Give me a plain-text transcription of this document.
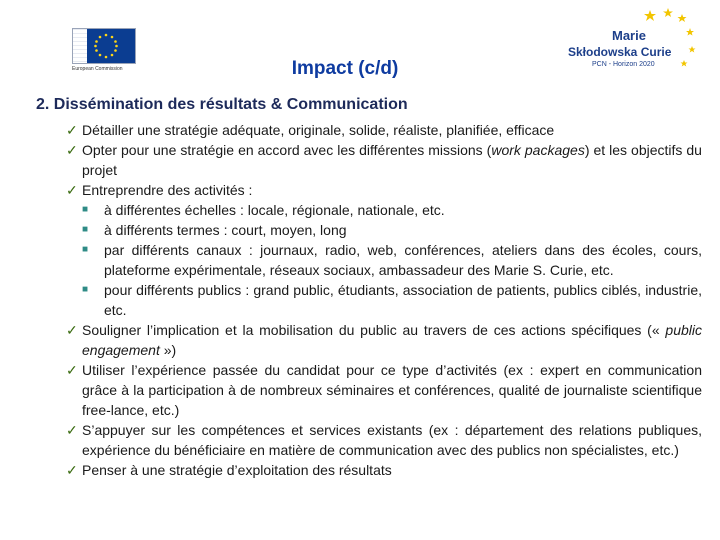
European Commission
Marie
Skłodowska Curie
PCN - Horizon 2020
Impact (c/d)
2. Dissémination des résultats & Communication
✓ Détailler une stratégie adéquate, originale, solide, réaliste, planifiée, efficace
✓ Opter pour une stratégie en accord avec les différentes missions (work packages) et les objectifs du projet
✓ Entreprendre des activités :
■ à différentes échelles : locale, régionale, nationale, etc.
■ à différents termes : court, moyen, long
■ par différents canaux : journaux, radio, web, conférences, ateliers dans des écoles, cours, plateforme expérimentale, réseaux sociaux, ambassadeur des Marie S. Curie, etc.
■ pour différents publics : grand public, étudiants, association de patients, publics ciblés, industrie, etc.
✓ Souligner l’implication et la mobilisation du public au travers de ces actions spécifiques (« public engagement »)
✓ Utiliser l’expérience passée du candidat pour ce type d’activités (ex : expert en communication grâce à la participation à de nombreux séminaires et conférences, qualité de journaliste scientifique free-lance, etc.)
✓ S’appuyer sur les compétences et services existants (ex : département des relations publiques, expérience du bénéficiaire en matière de communication avec des publics non spécialistes, etc.)
✓ Penser à une stratégie d’exploitation des résultats
